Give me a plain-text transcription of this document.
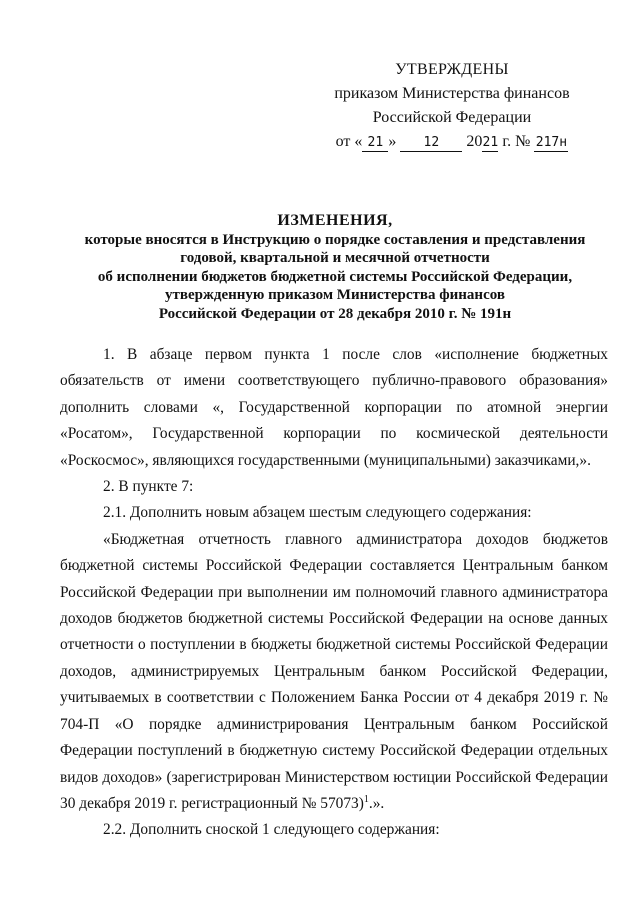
УТВЕРЖДЕНЫ
приказом Министерства финансов
Российской Федерации
от « 21 » 12 2021 г. № 217н
ИЗМЕНЕНИЯ,
которые вносятся в Инструкцию о порядке составления и представления
годовой, квартальной и месячной отчетности
об исполнении бюджетов бюджетной системы Российской Федерации,
утвержденную приказом Министерства финансов
Российской Федерации от 28 декабря 2010 г. № 191н

1. В абзаце первом пункта 1 после слов «исполнение бюджетных обязательств от имени соответствующего публично-правового образования» дополнить словами «, Государственной корпорации по атомной энергии «Росатом», Государственной корпорации по космической деятельности «Роскосмос», являющихся государственными (муниципальными) заказчиками,».

2. В пункте 7:

2.1. Дополнить новым абзацем шестым следующего содержания:

«Бюджетная отчетность главного администратора доходов бюджетов бюджетной системы Российской Федерации составляется Центральным банком Российской Федерации при выполнении им полномочий главного администратора доходов бюджетов бюджетной системы Российской Федерации на основе данных отчетности о поступлении в бюджеты бюджетной системы Российской Федерации доходов, администрируемых Центральным банком Российской Федерации, учитываемых в соответствии с Положением Банка России от 4 декабря 2019 г. № 704-П «О порядке администрирования Центральным банком Российской Федерации поступлений в бюджетную систему Российской Федерации отдельных видов доходов» (зарегистрирован Министерством юстиции Российской Федерации 30 декабря 2019 г. регистрационный № 57073)$^1$.».

2.2. Дополнить сноской 1 следующего содержания:
